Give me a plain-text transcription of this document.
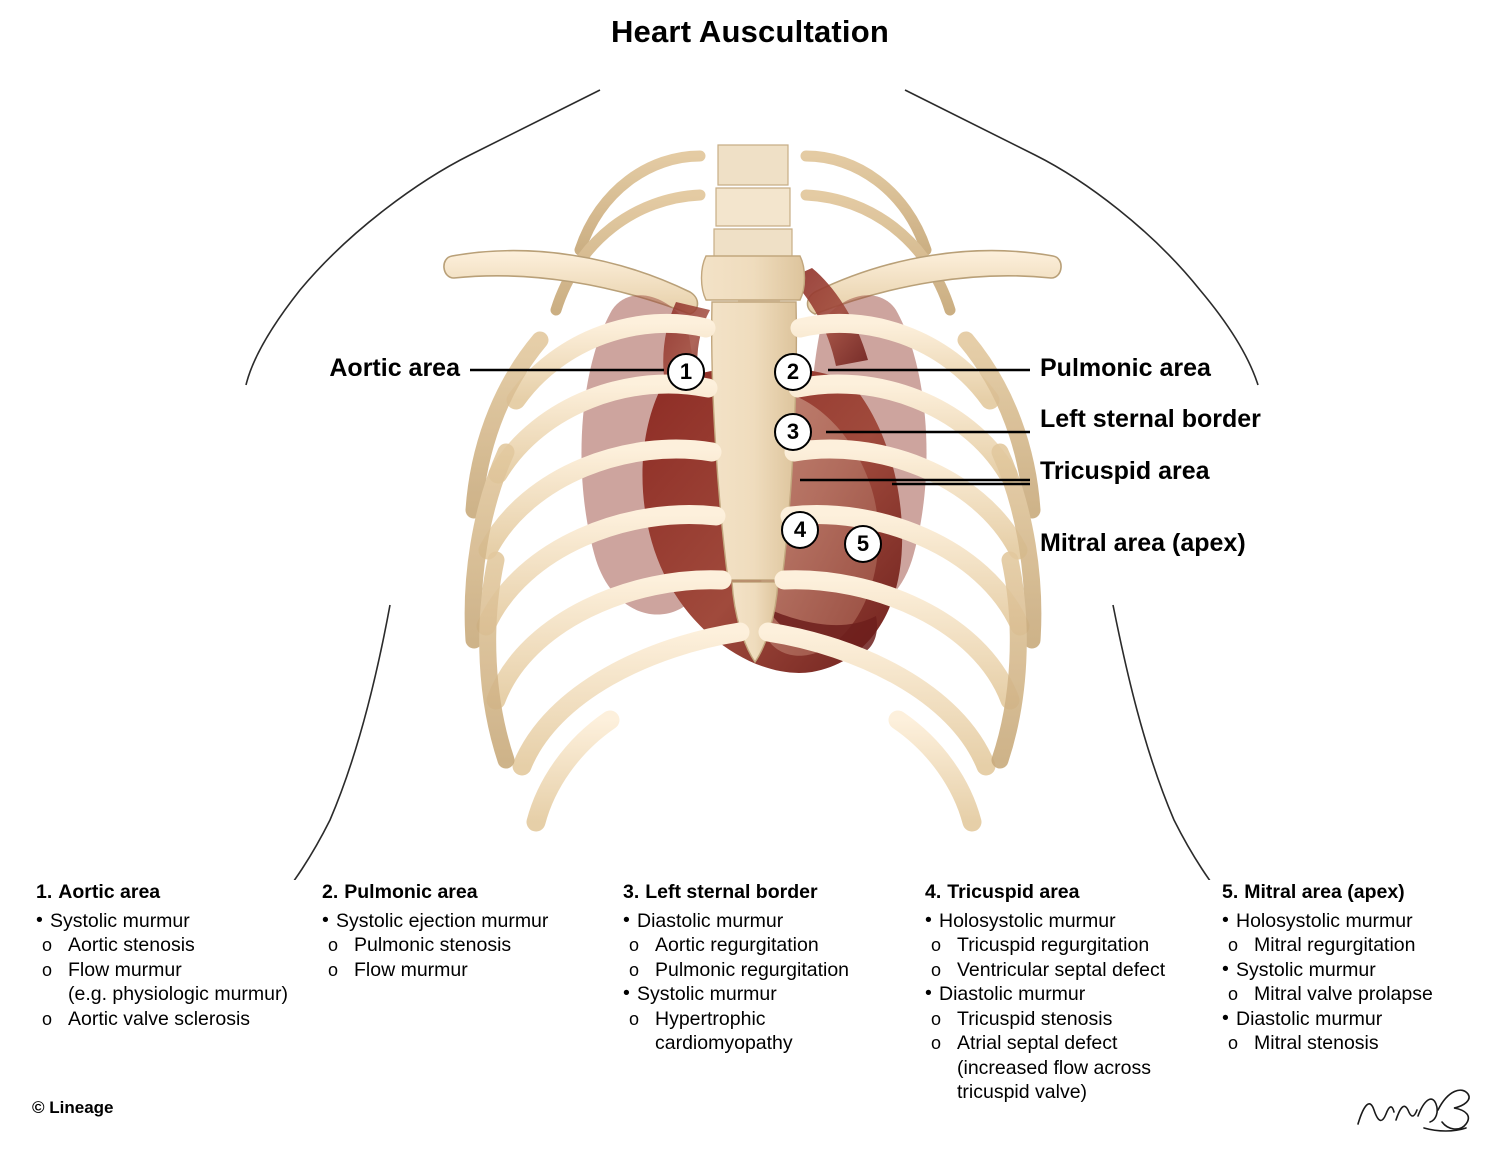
Heart Auscultation
1	2
3
4
5
Aortic area	Pulmonic area
Left sternal border
Tricuspid area
Mitral area (apex)
1. Aortic area
• Systolic murmur
o Aortic stenosis
o Flow murmur
(e.g. physiologic murmur)
o Aortic valve sclerosis
2. Pulmonic area
• Systolic ejection murmur
o Pulmonic stenosis
o Flow murmur
3. Left sternal border
• Diastolic murmur
o Aortic regurgitation
o Pulmonic regurgitation
• Systolic murmur
o Hypertrophic
cardiomyopathy
4. Tricuspid area
• Holosystolic murmur
o Tricuspid regurgitation
o Ventricular septal defect
• Diastolic murmur
o Tricuspid stenosis
o Atrial septal defect
(increased flow across
tricuspid valve)
5. Mitral area (apex)
• Holosystolic murmur
o Mitral regurgitation
• Systolic murmur
o Mitral valve prolapse
• Diastolic murmur
o Mitral stenosis
© Lineage
